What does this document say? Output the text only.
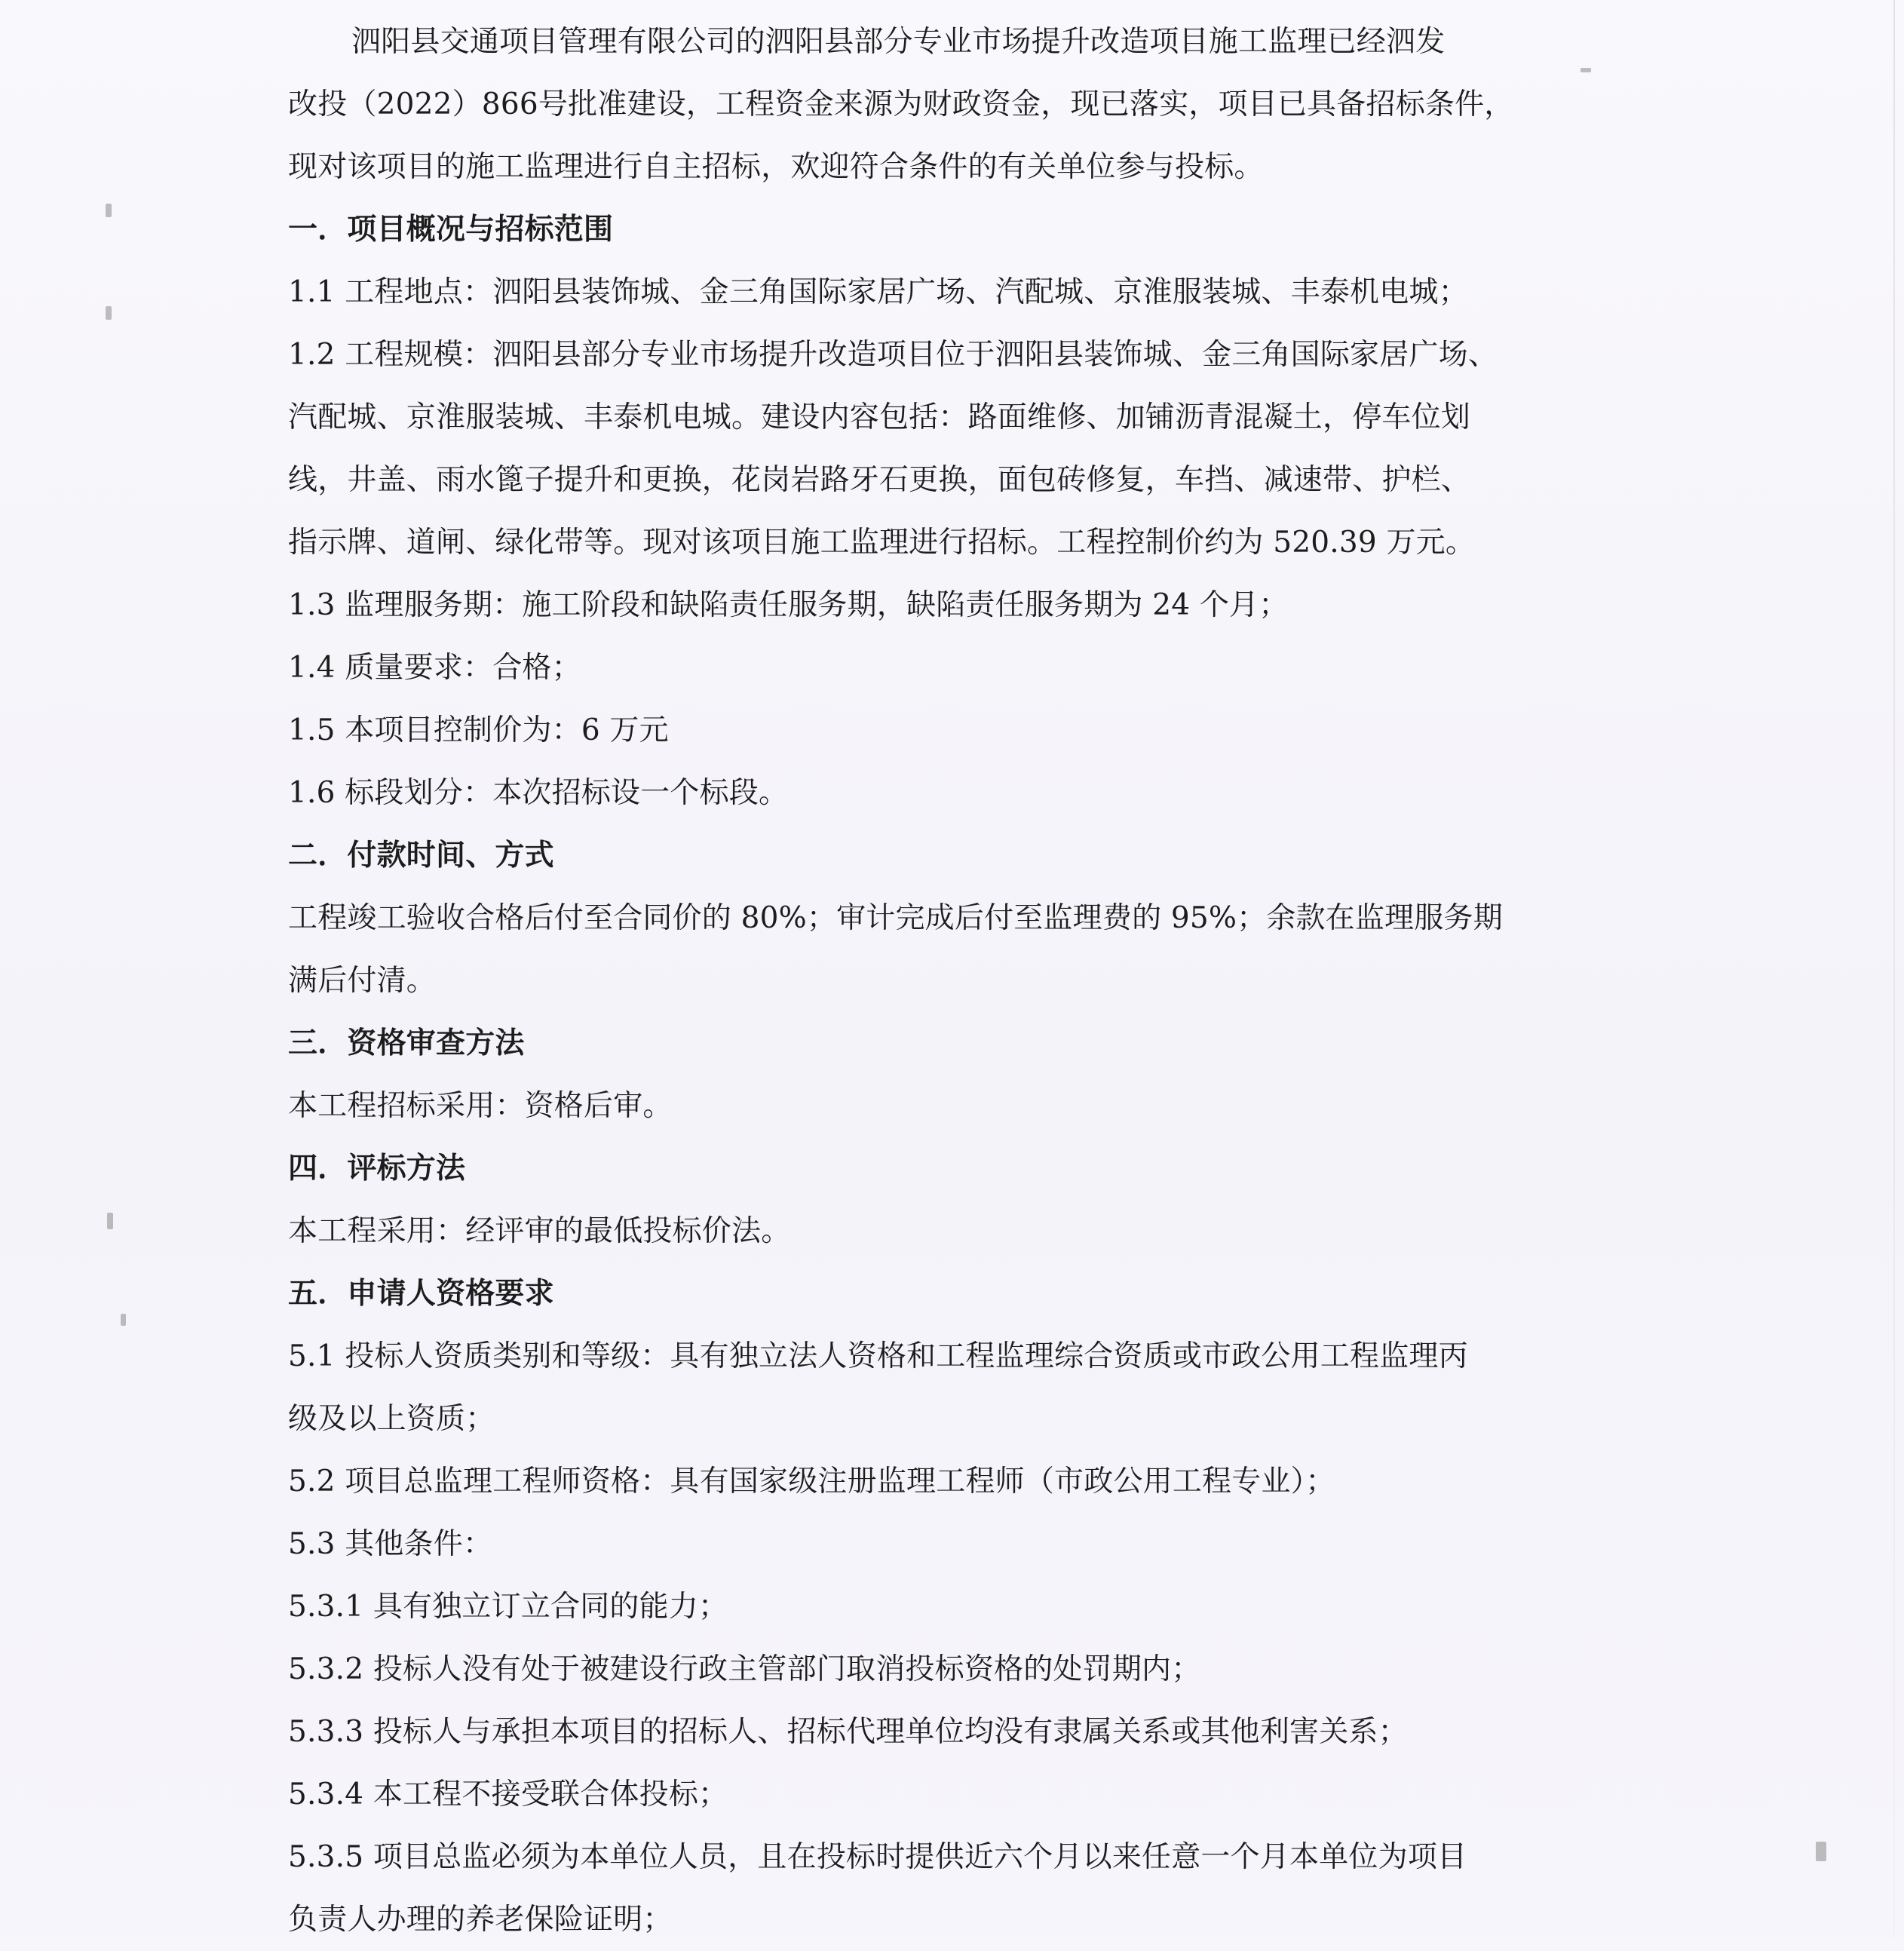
泗阳县交通项目管理有限公司的泗阳县部分专业市场提升改造项目施工监理已经泗发
改投（2022）866号批准建设，工程资金来源为财政资金，现已落实，项目已具备招标条件，
现对该项目的施工监理进行自主招标，欢迎符合条件的有关单位参与投标。
一．项目概况与招标范围
1.1 工程地点：泗阳县装饰城、金三角国际家居广场、汽配城、京淮服装城、丰泰机电城；
1.2 工程规模：泗阳县部分专业市场提升改造项目位于泗阳县装饰城、金三角国际家居广场、
汽配城、京淮服装城、丰泰机电城。建设内容包括：路面维修、加铺沥青混凝土，停车位划
线，井盖、雨水篦子提升和更换，花岗岩路牙石更换，面包砖修复，车挡、减速带、护栏、
指示牌、道闸、绿化带等。现对该项目施工监理进行招标。工程控制价约为 520.39 万元。
1.3 监理服务期：施工阶段和缺陷责任服务期，缺陷责任服务期为 24 个月；
1.4 质量要求：合格；
1.5 本项目控制价为：6 万元
1.6 标段划分：本次招标设一个标段。
二．付款时间、方式
工程竣工验收合格后付至合同价的 80%；审计完成后付至监理费的 95%；余款在监理服务期
满后付清。
三．资格审查方法
本工程招标采用：资格后审。
四．评标方法
本工程采用：经评审的最低投标价法。
五．申请人资格要求
5.1 投标人资质类别和等级：具有独立法人资格和工程监理综合资质或市政公用工程监理丙
级及以上资质；
5.2 项目总监理工程师资格：具有国家级注册监理工程师（市政公用工程专业）；
5.3 其他条件：
5.3.1 具有独立订立合同的能力；
5.3.2 投标人没有处于被建设行政主管部门取消投标资格的处罚期内；
5.3.3 投标人与承担本项目的招标人、招标代理单位均没有隶属关系或其他利害关系；
5.3.4 本工程不接受联合体投标；
5.3.5 项目总监必须为本单位人员，且在投标时提供近六个月以来任意一个月本单位为项目
负责人办理的养老保险证明；
